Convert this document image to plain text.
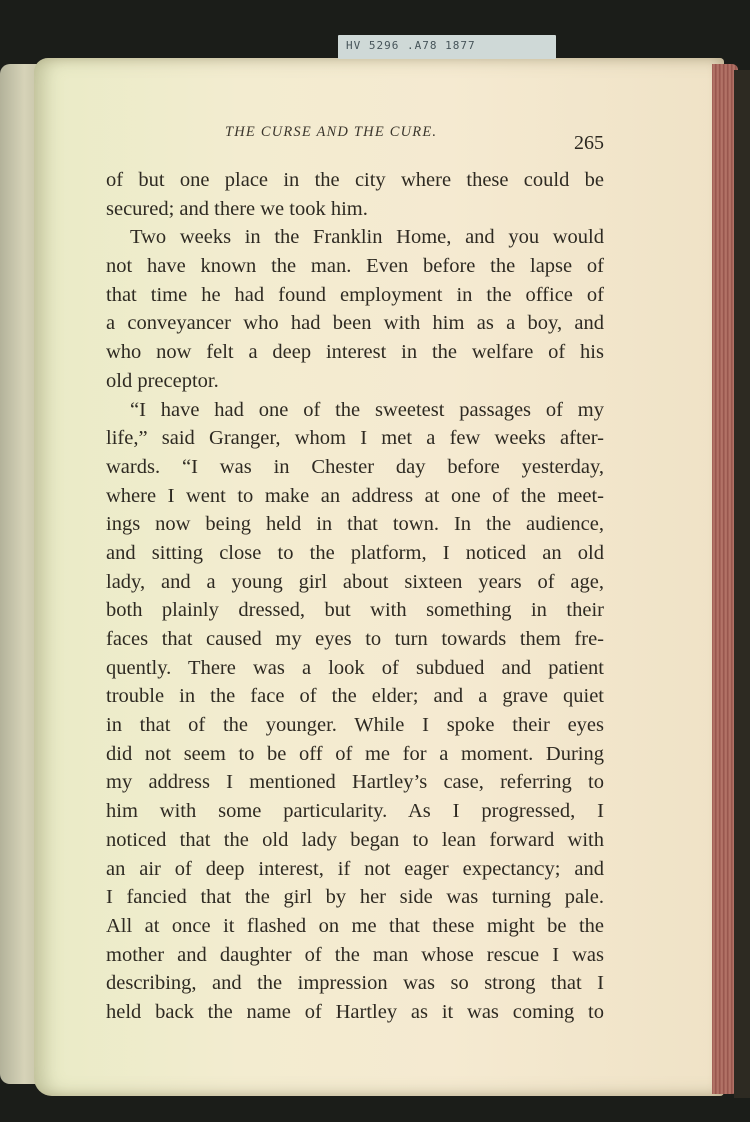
HV 5296 .A78 1877
THE CURSE AND THE CURE.	265
of but one place in the city where these could be
secured; and there we took him.
Two weeks in the Franklin Home, and you would
not have known the man. Even before the lapse of
that time he had found employment in the office of
a conveyancer who had been with him as a boy, and
who now felt a deep interest in the welfare of his
old preceptor.
“I have had one of the sweetest passages of my
life,” said Granger, whom I met a few weeks after-
wards. “I was in Chester day before yesterday,
where I went to make an address at one of the meet-
ings now being held in that town. In the audience,
and sitting close to the platform, I noticed an old
lady, and a young girl about sixteen years of age,
both plainly dressed, but with something in their
faces that caused my eyes to turn towards them fre-
quently. There was a look of subdued and patient
trouble in the face of the elder; and a grave quiet
in that of the younger. While I spoke their eyes
did not seem to be off of me for a moment. During
my address I mentioned Hartley’s case, referring to
him with some particularity. As I progressed, I
noticed that the old lady began to lean forward with
an air of deep interest, if not eager expectancy; and
I fancied that the girl by her side was turning pale.
All at once it flashed on me that these might be the
mother and daughter of the man whose rescue I was
describing, and the impression was so strong that I
held back the name of Hartley as it was coming to
